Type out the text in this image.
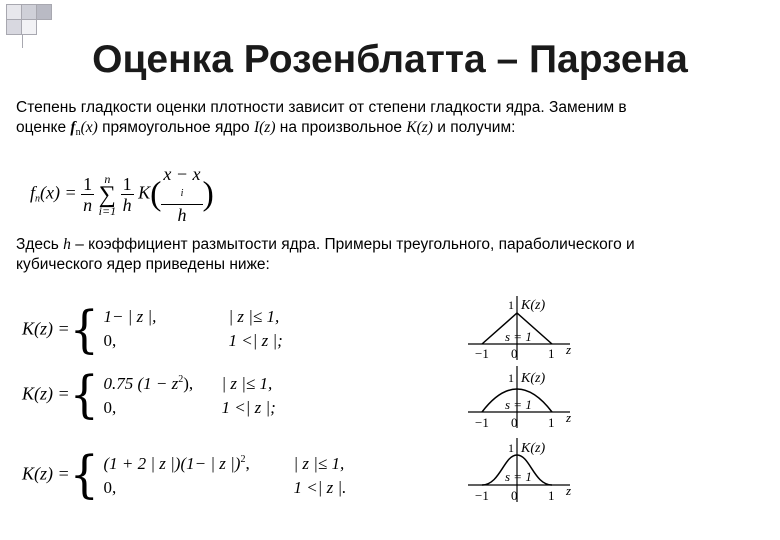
Оценка Розенблатта – Парзена
Степень гладкости оценки плотности зависит от степени гладкости ядра. Заменим в
оценке $f_n(x)$ прямоугольное ядро I(z) на произвольное K(z) и получим:
$f_n(x) = \frac{1}{n}$
n
∑
i=1
$\frac{1}{h} K$( x − x
i
h )
Здесь h – коэффициент размытости ядра. Примеры треугольного, параболического и
кубического ядер приведены ниже:
K(z) ={ 1− | z |,	| z |≤ 1,
0,	1 <| z |;
K(z) ={ 0.75 $(1 - z^2)$, | z |≤ 1,
0,	1 <| z |;
K(z) ={ (1 + 2 | z |)(1− | z |)$^2$,	| z |≤ 1,
0,	1 <| z |.
1 K(z)
s = 1
−1 0 1 z
1 K(z)
s = 1
−1 0 1 z
1 K(z)
s = 1
−1 0 1 z
